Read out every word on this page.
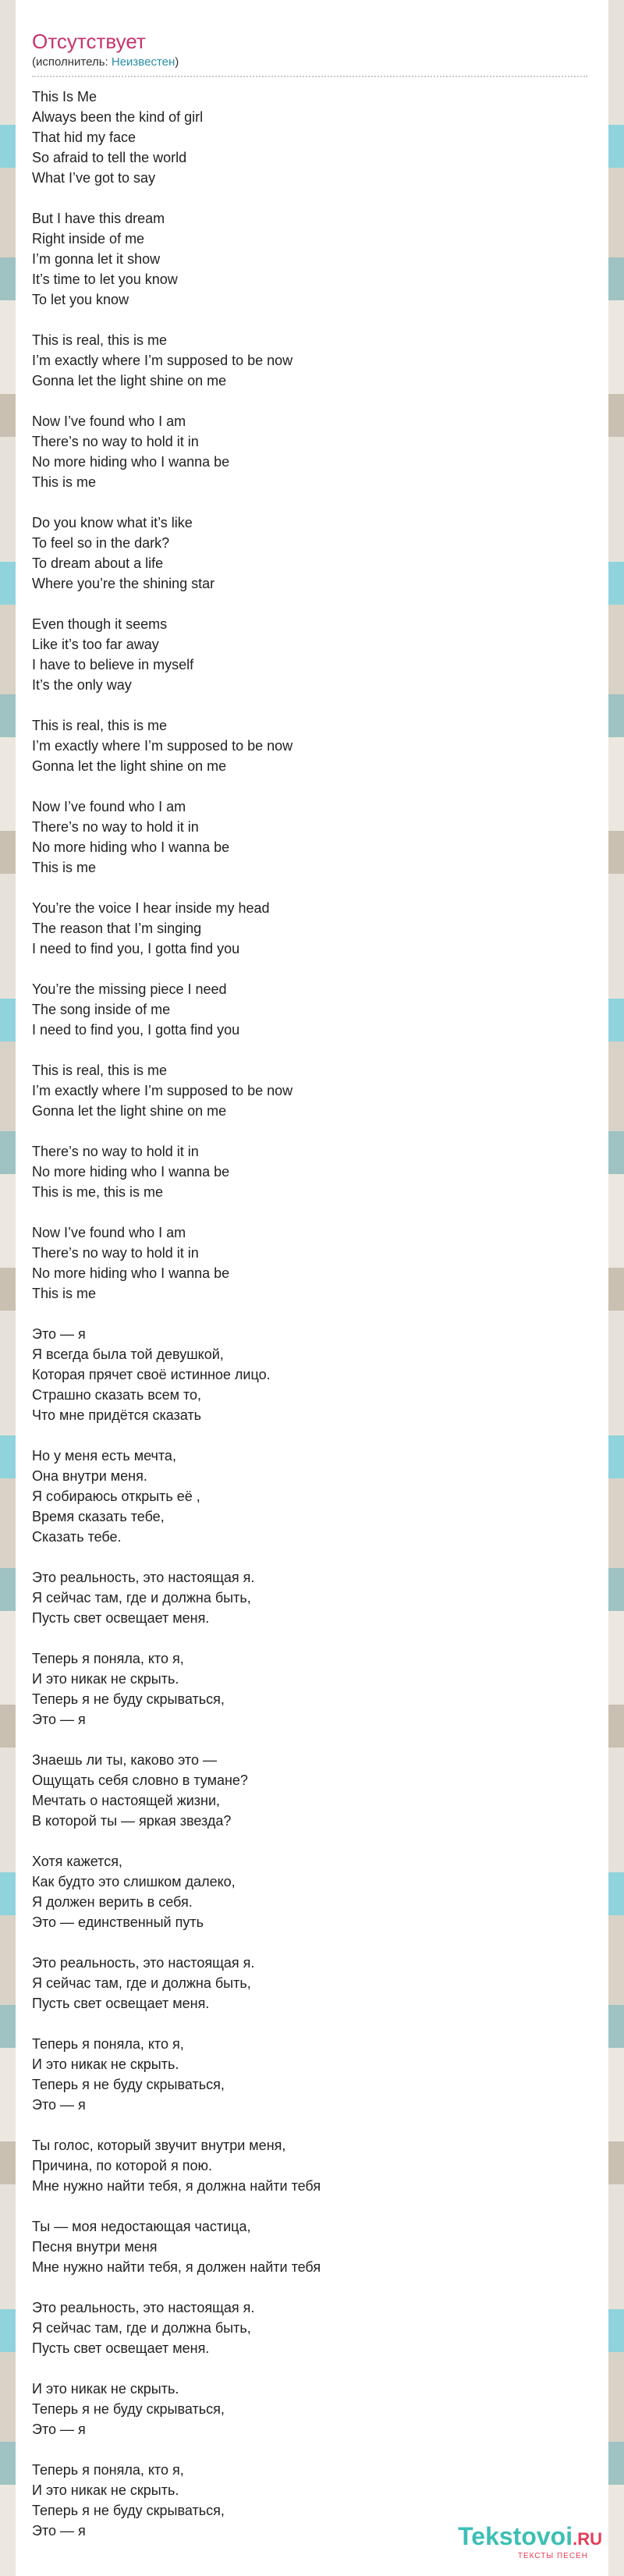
Отсутствует
(исполнитель: Неизвестен)
This Is Me
Always been the kind of girl
That hid my face
So afraid to tell the world
What I’ve got to say
But I have this dream
Right inside of me
I’m gonna let it show
It’s time to let you know
To let you know
This is real, this is me
I’m exactly where I’m supposed to be now
Gonna let the light shine on me
Now I’ve found who I am
There’s no way to hold it in
No more hiding who I wanna be
This is me
Do you know what it’s like
To feel so in the dark?
To dream about a life
Where you’re the shining star
Even though it seems
Like it’s too far away
I have to believe in myself
It’s the only way
This is real, this is me
I’m exactly where I’m supposed to be now
Gonna let the light shine on me
Now I’ve found who I am
There’s no way to hold it in
No more hiding who I wanna be
This is me
You’re the voice I hear inside my head
The reason that I’m singing
I need to find you, I gotta find you
You’re the missing piece I need
The song inside of me
I need to find you, I gotta find you
This is real, this is me
I’m exactly where I’m supposed to be now
Gonna let the light shine on me
There’s no way to hold it in
No more hiding who I wanna be
This is me, this is me
Now I’ve found who I am
There’s no way to hold it in
No more hiding who I wanna be
This is me
Это — я
Я всегда была той девушкой,
Которая прячет своё истинное лицо.
Страшно сказать всем то,
Что мне придётся сказать
Но у меня есть мечта,
Она внутри меня.
Я собираюсь открыть её ,
Время сказать тебе,
Сказать тебе.
Это реальность, это настоящая я.
Я сейчас там, где и должна быть,
Пусть свет освещает меня.
Теперь я поняла, кто я,
И это никак не скрыть.
Теперь я не буду скрываться,
Это — я
Знаешь ли ты, каково это —
Ощущать себя словно в тумане?
Мечтать о настоящей жизни,
В которой ты — яркая звезда?
Хотя кажется,
Как будто это слишком далеко,
Я должен верить в себя.
Это — единственный путь
Это реальность, это настоящая я.
Я сейчас там, где и должна быть,
Пусть свет освещает меня.
Теперь я поняла, кто я,
И это никак не скрыть.
Теперь я не буду скрываться,
Это — я
Ты голос, который звучит внутри меня,
Причина, по которой я пою.
Мне нужно найти тебя, я должна найти тебя
Ты — моя недостающая частица,
Песня внутри меня
Мне нужно найти тебя, я должен найти тебя
Это реальность, это настоящая я.
Я сейчас там, где и должна быть,
Пусть свет освещает меня.
И это никак не скрыть.
Теперь я не буду скрываться,
Это — я
Теперь я поняла, кто я,
И это никак не скрыть.
Теперь я не буду скрываться,
Это — я	Tekstovoi.RU
ТЕКСТЫ ПЕСЕН
